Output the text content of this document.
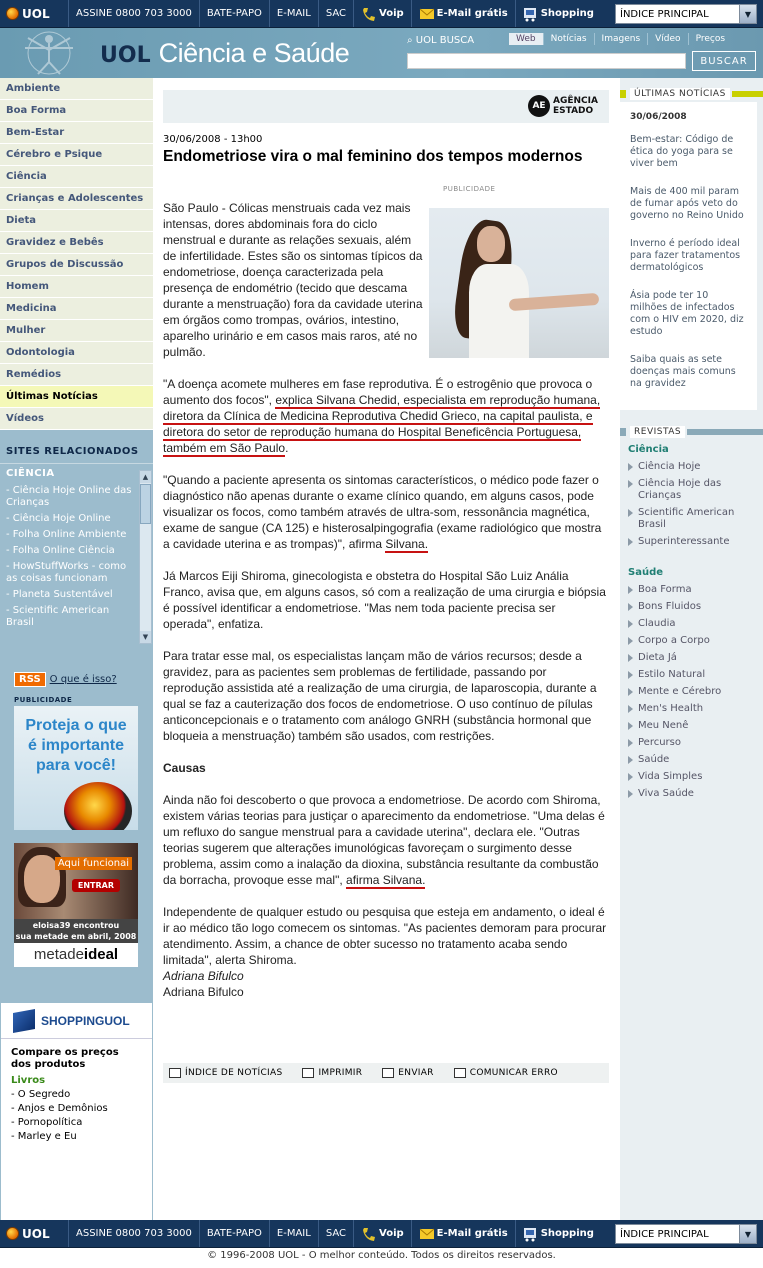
UOL	ASSINE 0800 703 3000	BATE-PAPO	E-MAIL	SAC	Voip	E-Mail grátis	Shopping	ÍNDICE PRINCIPAL	▼
UOL Ciência e Saúde	⌕ UOL BUSCA	Web	Notícias	Imagens	Vídeo	Preços
BUSCAR
Ambiente
Boa Forma
Bem-Estar
Cérebro e Psique
Ciência
Crianças e Adolescentes
Dieta
Gravidez e Bebês
Grupos de Discussão
Homem
Medicina
Mulher
Odontologia
Remédios
Últimas Notícias
Vídeos
SITES RELACIONADOS
CIÊNCIA
- Ciência Hoje Online das Crianças
- Ciência Hoje Online
- Folha Online Ambiente
- Folha Online Ciência
- HowStuffWorks - como as coisas funcionam
- Planeta Sustentável
- Scientific American Brasil
▲
▼
RSS O que é isso?
PUBLICIDADE
Proteja o que
é importante
para você!
Aqui funcionai
ENTRAR
eloisa39 encontrou
sua metade em abril, 2008
metadeideal
SHOPPINGUOL
Compare os preços dos produtos
Livros
- O Segredo
- Anjos e Demônios
- Pornopolítica
- Marley e Eu
AE AGÊNCIA ESTADO
30/06/2008 - 13h00
Endometriose vira o mal feminino dos tempos modernos
PUBLICIDADE

São Paulo - Cólicas menstruais cada vez mais intensas, dores abdominais fora do ciclo menstrual e durante as relações sexuais, além de infertilidade. Estes são os sintomas típicos da endometriose, doença caracterizada pela presença de endométrio (tecido que descama durante a menstruação) fora da cavidade uterina em órgãos como trompas, ovários, intestino, aparelho urinário e em casos mais raros, até no pulmão.

"A doença acomete mulheres em fase reprodutiva. É o estrogênio que provoca o aumento dos focos", explica Silvana Chedid, especialista em reprodução humana, diretora da Clínica de Medicina Reprodutiva Chedid Grieco, na capital paulista, e diretora do setor de reprodução humana do Hospital Beneficência Portuguesa, também em São Paulo.

"Quando a paciente apresenta os sintomas característicos, o médico pode fazer o diagnóstico não apenas durante o exame clínico quando, em alguns casos, pode visualizar os focos, como também através de ultra-som, ressonância magnética, exame de sangue (CA 125) e histerosalpingografia (exame radiológico que mostra a cavidade uterina e as trompas)", afirma Silvana.

Já Marcos Eiji Shiroma, ginecologista e obstetra do Hospital São Luiz Anália Franco, avisa que, em alguns casos, só com a realização de uma cirurgia e biópsia é possível identificar a endometriose. "Mas nem toda paciente precisa ser operada", enfatiza.

Para tratar esse mal, os especialistas lançam mão de vários recursos; desde a gravidez, para as pacientes sem problemas de fertilidade, passando por reprodução assistida até a realização de uma cirurgia, de laparoscopia, durante a qual se faz a cauterização dos focos de endometriose. O uso contínuo de pílulas anticoncepcionais e o tratamento com análogo GNRH (substância hormonal que bloqueia a menstruação) também são usados, com restrições.

Causas

Ainda não foi descoberto o que provoca a endometriose. De acordo com Shiroma, existem várias teorias para justiçar o aparecimento da endometriose. "Uma delas é um refluxo do sangue menstrual para a cavidade uterina", declara ele. "Outras teorias sugerem que alterações imunológicas favoreçam o surgimento desse problema, assim como a inalação da dioxina, substância resultante da combustão da borracha, provoque esse mal", afirma Silvana.

Independente de qualquer estudo ou pesquisa que esteja em andamento, o ideal é ir ao médico tão logo comecem os sintomas. "As pacientes demoram para procurar atendimento. Assim, a chance de obter sucesso no tratamento acaba sendo limitada", alerta Shiroma.

Adriana Bifulco
Adriana Bifulco
ÍNDICE DE NOTÍCIAS	IMPRIMIR	ENVIAR	COMUNICAR ERRO
ÚLTIMAS NOTÍCIAS
30/06/2008
Bem-estar: Código de ética do yoga para se viver bem
Mais de 400 mil param de fumar após veto do governo no Reino Unido
Inverno é período ideal para fazer tratamentos dermatológicos
Ásia pode ter 10 milhões de infectados com o HIV em 2020, diz estudo
Saiba quais as sete doenças mais comuns na gravidez
REVISTAS
Ciência
Ciência Hoje
Ciência Hoje das Crianças
Scientific American Brasil
Superinteressante
Saúde
Boa Forma
Bons Fluidos
Claudia
Corpo a Corpo
Dieta Já
Estilo Natural
Mente e Cérebro
Men's Health
Meu Nenê
Percurso
Saúde
Vida Simples
Viva Saúde
UOL	ASSINE 0800 703 3000	BATE-PAPO	E-MAIL	SAC	Voip	E-Mail grátis	Shopping	ÍNDICE PRINCIPAL	▼
© 1996-2008 UOL - O melhor conteúdo. Todos os direitos reservados.
